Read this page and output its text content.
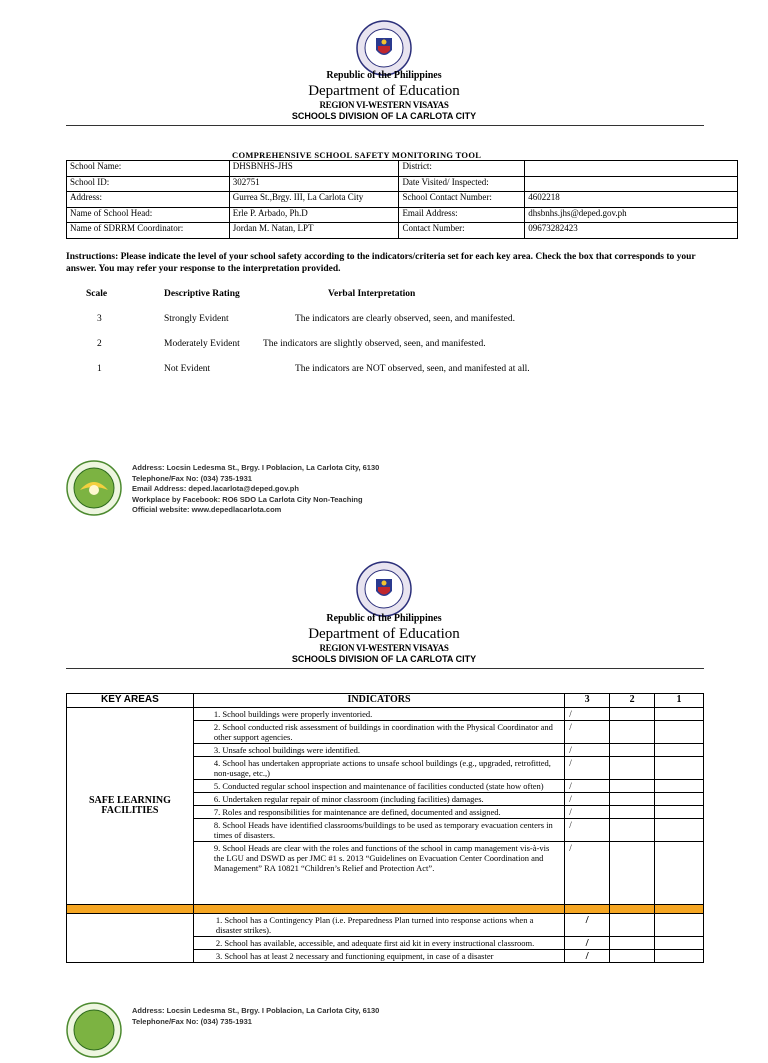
Republic of the Philippines
Department of Education
REGION VI-WESTERN VISAYAS
SCHOOLS DIVISION OF LA CARLOTA CITY
COMPREHENSIVE SCHOOL SAFETY MONITORING TOOL
School Name:	DHSBNHS-JHS	District:	
School ID:	302751	Date Visited/ Inspected:	
Address:	Gurrea St.,Brgy. III, La Carlota City	School Contact Number:	4602218
Name of School Head:	Erle P. Arbado, Ph.D	Email Address:	dhsbnhs.jhs@deped.gov.ph
Name of SDRRM Coordinator:	Jordan M. Natan, LPT	Contact Number:	09673282423
Instructions: Please indicate the level of your school safety according to the indicators/criteria set for each key area. Check the box that corresponds to your answer. You may refer your response to the interpretation provided.
Scale	Descriptive Rating	Verbal Interpretation
3	Strongly Evident	The indicators are clearly observed, seen, and manifested.
2	Moderately Evident The indicators are slightly observed, seen, and manifested.
1	Not Evident	The indicators are NOT observed, seen, and manifested at all.
Address: Locsin Ledesma St., Brgy. I Poblacion, La Carlota City, 6130
Telephone/Fax No: (034) 735-1931
Email Address: deped.lacarlota@deped.gov.ph
Workplace by Facebook: RO6 SDO La Carlota City Non-Teaching
Official website: www.depedlacarlota.com
Republic of the Philippines
Department of Education
REGION VI-WESTERN VISAYAS
SCHOOLS DIVISION OF LA CARLOTA CITY
KEY AREAS	INDICATORS	3	2	1
SAFE LEARNING FACILITIES	1. School buildings were properly inventoried.	/		
	2. School conducted risk assessment of buildings in coordination with the Physical Coordinator and other support agencies.	/		
	3. Unsafe school buildings were identified.	/		
	4. School has undertaken appropriate actions to unsafe school buildings (e.g., upgraded, retrofitted, non-usage, etc.,)	/		
	5. Conducted regular school inspection and maintenance of facilities conducted (state how often)	/		
	6. Undertaken regular repair of minor classroom (including facilities) damages.	/		
	7. Roles and responsibilities for maintenance are defined, documented and assigned.	/		
	8. School Heads have identified classrooms/buildings to be used as temporary evacuation centers in times of disasters.	/		
	9. School Heads are clear with the roles and functions of the school in camp management vis-à-vis the LGU and DSWD as per JMC #1 s. 2013 “Guidelines on Evacuation Center Coordination and Management” RA 10821 “Children’s Relief and Protection Act”.	/		

	1. School has a Contingency Plan (i.e. Preparedness Plan turned into response actions when a disaster strikes).	/		
	2. School has available, accessible, and adequate first aid kit in every instructional classroom.	/		
	3. School has at least 2 necessary and functioning equipment, in case of a disaster	/		
Address: Locsin Ledesma St., Brgy. I Poblacion, La Carlota City, 6130
Telephone/Fax No: (034) 735-1931
